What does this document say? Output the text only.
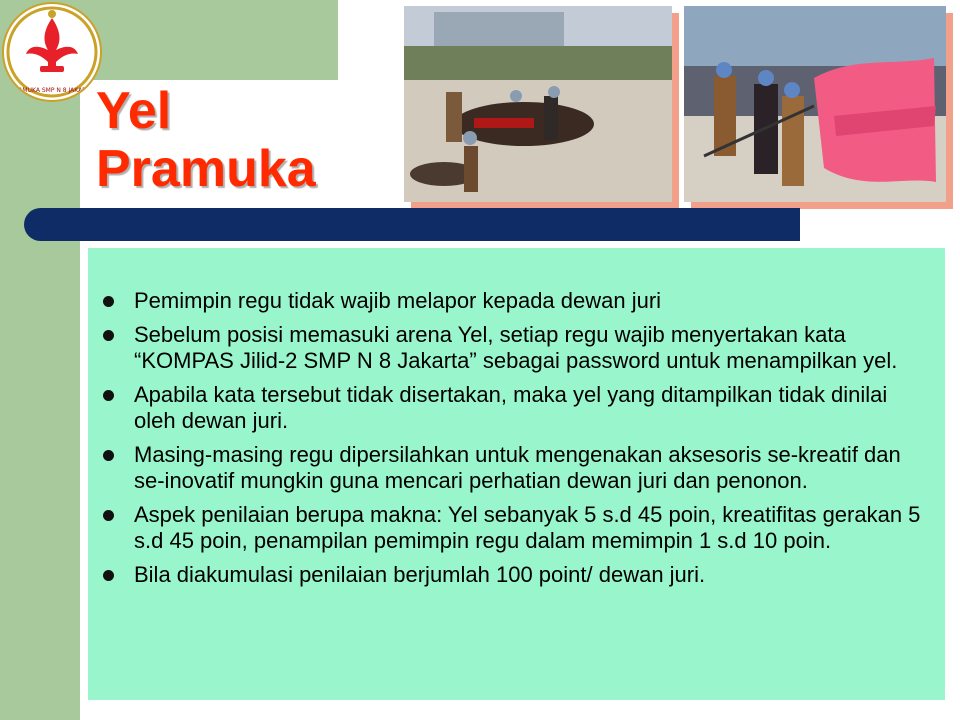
PRAMUKA SMP N 8 JAKARTA Yel
Pramuka
Pemimpin regu tidak wajib melapor kepada dewan juri
Sebelum posisi memasuki arena Yel, setiap regu wajib menyertakan kata “KOMPAS Jilid-2 SMP N 8 Jakarta” sebagai password untuk menampilkan yel.
Apabila kata tersebut tidak disertakan, maka yel yang ditampilkan tidak dinilai oleh dewan juri.
Masing-masing regu dipersilahkan untuk mengenakan aksesoris se-kreatif dan se-inovatif mungkin guna mencari perhatian dewan juri dan penonon.
Aspek penilaian berupa makna: Yel sebanyak 5 s.d 45 poin, kreatifitas gerakan 5 s.d 45 poin, penampilan pemimpin regu dalam memimpin 1 s.d 10 poin.
Bila diakumulasi penilaian berjumlah 100 point/ dewan juri.
